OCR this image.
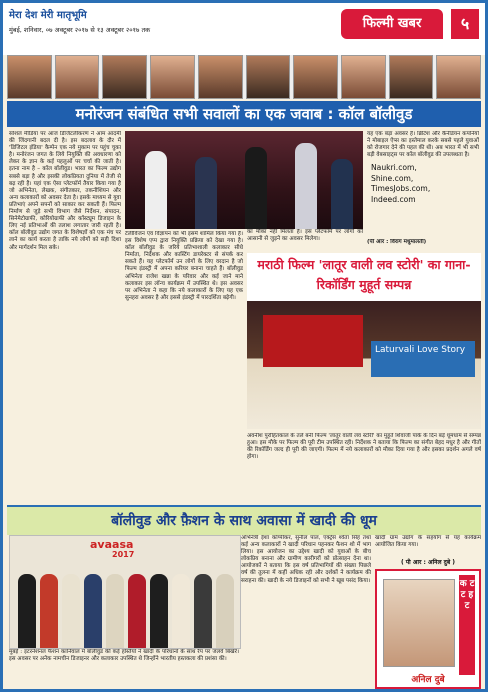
मेरा देश मेरी मातृभूमि
मुंबई, शनिवार, ०७ अक्टूबर २०१७ से १३ अक्टूबर २०१७ तक	फिल्मी खबर	५
मनोरंजन संबंधित सभी सवालों का एक जवाब : कॉल बॉलीवुड
सोशल मीडिया पर आज डिजिटलीकरण ने आम आदमी की जिंदगानी बदल दी है। इस बदलाव के दौर में 'डिजिटल इंडिया' कैम्पेन एक नये मुकाम पर पहुंच चुका है। मनोरंजन जगत के लिये नियुक्ति की अवधारणा को लेकर के ज्ञान के कई पहलुओं पर चर्चा की जाती है। इतना नाम है – कॉल बॉलीवुड। भारत का फिल्म उद्योग सबसे बड़ा है और इसकी लोकप्रियता दुनिया में तेजी से बढ़ रही है। यहां एक ऐसा प्लेटफॉर्म तैयार किया गया है जो अभिनेता, लेखक, संगीतकार, तकनीशियन और अन्य कलाकारों को अवसर देता है। इसके माध्यम से युवा प्रतिभाएं अपने सपनों को साकार कर सकती हैं। फिल्म निर्माण से जुड़े सभी विभाग जैसे निर्देशन, संपादन, सिनेमेटोग्राफी, कोरियोग्राफी और कॉस्ट्यूम डिजाइन के लिए नई प्रतिभाओं की तलाश लगातार जारी रहती है। कॉल बॉलीवुड उद्योग जगत के विशेषज्ञों को एक मंच पर लाने का कार्य करता है ताकि नये लोगों को सही दिशा और मार्गदर्शन मिल सके।
टेलीविजन एवं विज्ञापन को भी इसमें शामिल किया गया है। इस विशेष एप्प द्वारा नियुक्ति प्रक्रिया को देखा गया है। कॉल बॉलीवुड के जरिये प्रतिभाशाली कलाकार सीधे निर्माता, निर्देशक और कास्टिंग डायरेक्टर से संपर्क कर सकते हैं। यह प्लेटफॉर्म उन लोगों के लिए वरदान है जो फिल्म इंडस्ट्री में अपना करियर बनाना चाहते हैं। बॉलीवुड अभिनेता राजेश खन्ना के परिवार और कई जाने माने कलाकार इस लॉन्च कार्यक्रम में उपस्थित थे। इस अवसर पर अभिनेता ने कहा कि नये कलाकारों के लिए यह एक सुनहरा अवसर है और इससे इंडस्ट्री में पारदर्शिता बढ़ेगी।
का मौका नहीं मिलता है। इस प्लेटफॉर्म पर लोगों को आसानी से जुड़ने का अवसर मिलेगा।
यह एक बड़ा अवसर है। ब्रिटिश और कैनेडियन कंपनियों ने मोबाइल ऐप्स का इस्तेमाल करके सबसे पहले युवाओं को रोजगार देने की पहल की थी। अब भारत में भी सभी बड़ी वेबसाइट्स पर कॉल बॉलीवुड की उपलब्धता है।
Naukri.com,
Shine.com,
TimesJobs.com,
Indeed.com
(पी आर : विराग मधुमालती)
मराठी फिल्म 'लातूर वाली लव स्टोरी' का गाना-रिकॉर्डिंग मुहूर्त सम्पन्न
Laturvali Love Story
अवनीश पुरोहितकाल के तले बनी फिल्म 'लातूर वाली लव स्टोरी' का मुहूर्त शिवाजी पार्क के दिन बड़े धूमधाम से सम्पन्न हुआ। इस मौके पर फिल्म की पूरी टीम उपस्थित रही। निर्देशक ने बताया कि फिल्म का संगीत बेहद मधुर है और गीतों की रिकॉर्डिंग जल्द ही पूरी की जाएगी। फिल्म में नये कलाकारों को मौका दिया गया है और इसका प्रदर्शन अगले वर्ष होगा।
बॉलीवुड और फ़ैशन के साथ अवासा में खादी की धूम
avaasa
2017
मुंबई : इंटरनेशनल फैशन कार्निवाल में बॉलीवुड की कई हस्तियों ने खादी के परिधानों के साथ रैंप पर जलवे बिखेरे। इस अवसर पर अनेक नामचीन डिजाइनर और कलाकार उपस्थित थे जिन्होंने भारतीय हस्तकला की प्रशंसा की।
अभिनेत्री ईशा कोप्पीकर, सुनील पाल, एक्ट्रेस श्वेता सिंह तथा कई अन्य कलाकारों ने खादी परिधान पहनकर फैशन शो में भाग लिया। इस आयोजन का उद्देश्य खादी को युवाओं के बीच लोकप्रिय बनाना और ग्रामीण कारीगरों को प्रोत्साहन देना था। आयोजकों ने बताया कि इस वर्ष प्रतिभागियों की संख्या पिछले वर्ष की तुलना में कहीं अधिक रही और दर्शकों ने कार्यक्रम की सराहना की। खादी के नये डिजाइनों को सभी ने खूब पसंद किया।
खादी ग्राम उद्योग के सहयोग से यह कार्यक्रम आयोजित किया गया।
( पी आर : अनिल दुबे )
क ट ट ह ट
अनिल दुबे
